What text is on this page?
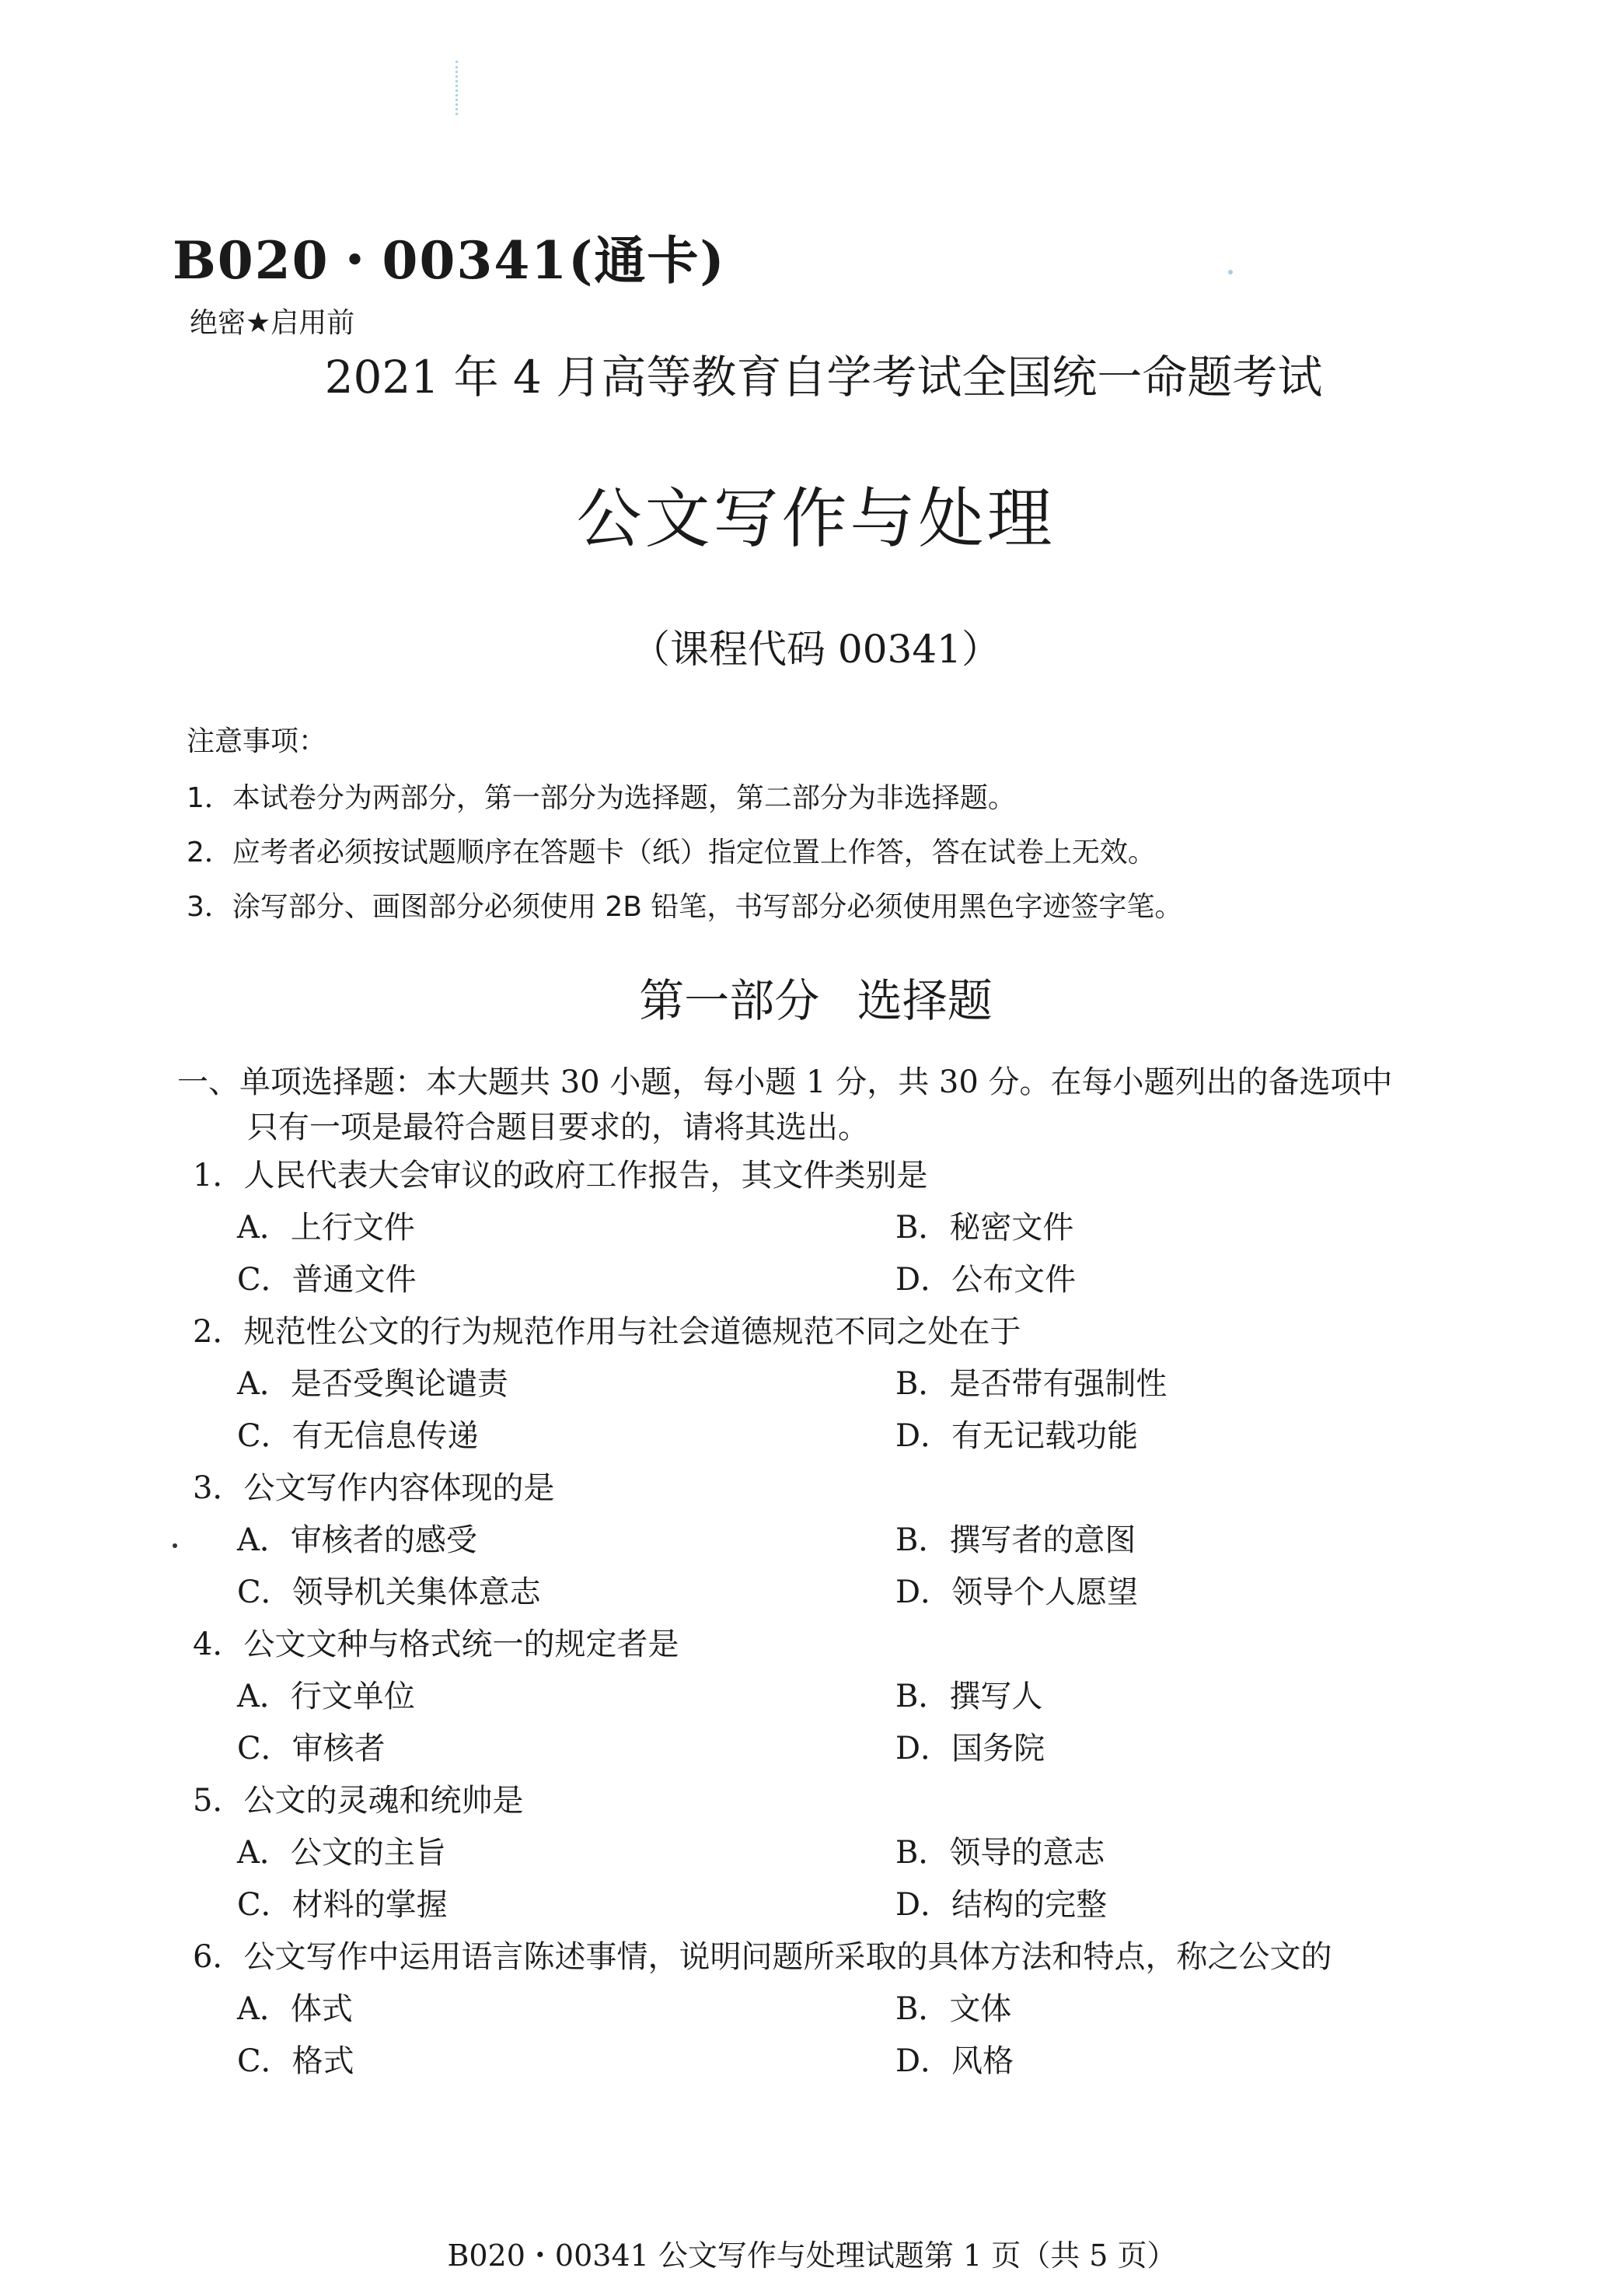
B020・00341(通卡)
绝密★启用前
2021 年 4 月高等教育自学考试全国统一命题考试
公文写作与处理
（课程代码 00341）
注意事项：
1．本试卷分为两部分，第一部分为选择题，第二部分为非选择题。
2．应考者必须按试题顺序在答题卡（纸）指定位置上作答，答在试卷上无效。
3．涂写部分、画图部分必须使用 2B 铅笔，书写部分必须使用黑色字迹签字笔。
第一部分 选择题
一、单项选择题：本大题共 30 小题，每小题 1 分，共 30 分。在每小题列出的备选项中
只有一项是最符合题目要求的，请将其选出。
1．人民代表大会审议的政府工作报告，其文件类别是
A．上行文件	B．秘密文件
C．普通文件	D．公布文件
2．规范性公文的行为规范作用与社会道德规范不同之处在于
A．是否受舆论谴责	B．是否带有强制性
C．有无信息传递	D．有无记载功能
3．公文写作内容体现的是
A．审核者的感受	B．撰写者的意图
C．领导机关集体意志	D．领导个人愿望
4．公文文种与格式统一的规定者是
A．行文单位	B．撰写人
C．审核者	D．国务院
5．公文的灵魂和统帅是
A．公文的主旨	B．领导的意志
C．材料的掌握	D．结构的完整
6．公文写作中运用语言陈述事情，说明问题所采取的具体方法和特点，称之公文的
A．体式	B．文体
C．格式	D．风格
B020・00341 公文写作与处理试题第 1 页（共 5 页）
